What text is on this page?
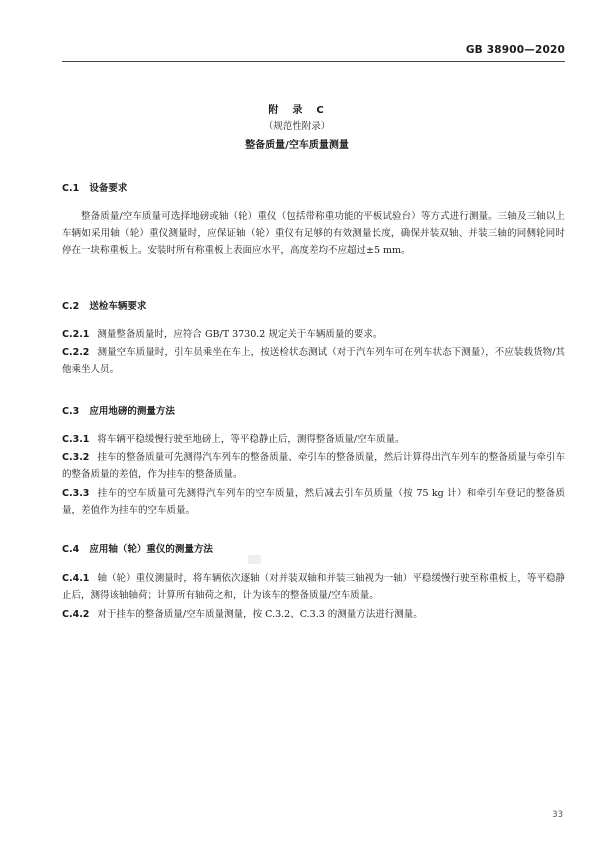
GB 38900—2020
附　录　C
（规范性附录）
整备质量/空车质量测量
C.1 设备要求

整备质量/空车质量可选择地磅或轴（轮）重仪（包括带称重功能的平板试验台）等方式进行测量。三轴及三轴以上车辆如采用轴（轮）重仪测量时，应保证轴（轮）重仪有足够的有效测量长度，确保并装双轴、并装三轴的同侧轮同时停在一块称重板上。安装时所有称重板上表面应水平，高度差均不应超过±5 mm。

C.2 送检车辆要求

C.2.1 测量整备质量时，应符合 GB/T 3730.2 规定关于车辆质量的要求。

C.2.2 测量空车质量时，引车员乘坐在车上，按送检状态测试（对于汽车列车可在列车状态下测量），不应装载货物/其他乘坐人员。

C.3 应用地磅的测量方法

C.3.1 将车辆平稳缓慢行驶至地磅上，等平稳静止后，测得整备质量/空车质量。

C.3.2 挂车的整备质量可先测得汽车列车的整备质量、牵引车的整备质量，然后计算得出汽车列车的整备质量与牵引车的整备质量的差值，作为挂车的整备质量。

C.3.3 挂车的空车质量可先测得汽车列车的空车质量，然后减去引车员质量（按 75 kg 计）和牵引车登记的整备质量，差值作为挂车的空车质量。

C.4 应用轴（轮）重仪的测量方法

C.4.1 轴（轮）重仪测量时，将车辆依次逐轴（对并装双轴和并装三轴视为一轴）平稳缓慢行驶至称重板上，等平稳静止后，测得该轴轴荷；计算所有轴荷之和，计为该车的整备质量/空车质量。

C.4.2 对于挂车的整备质量/空车质量测量，按 C.3.2、C.3.3 的测量方法进行测量。

33
